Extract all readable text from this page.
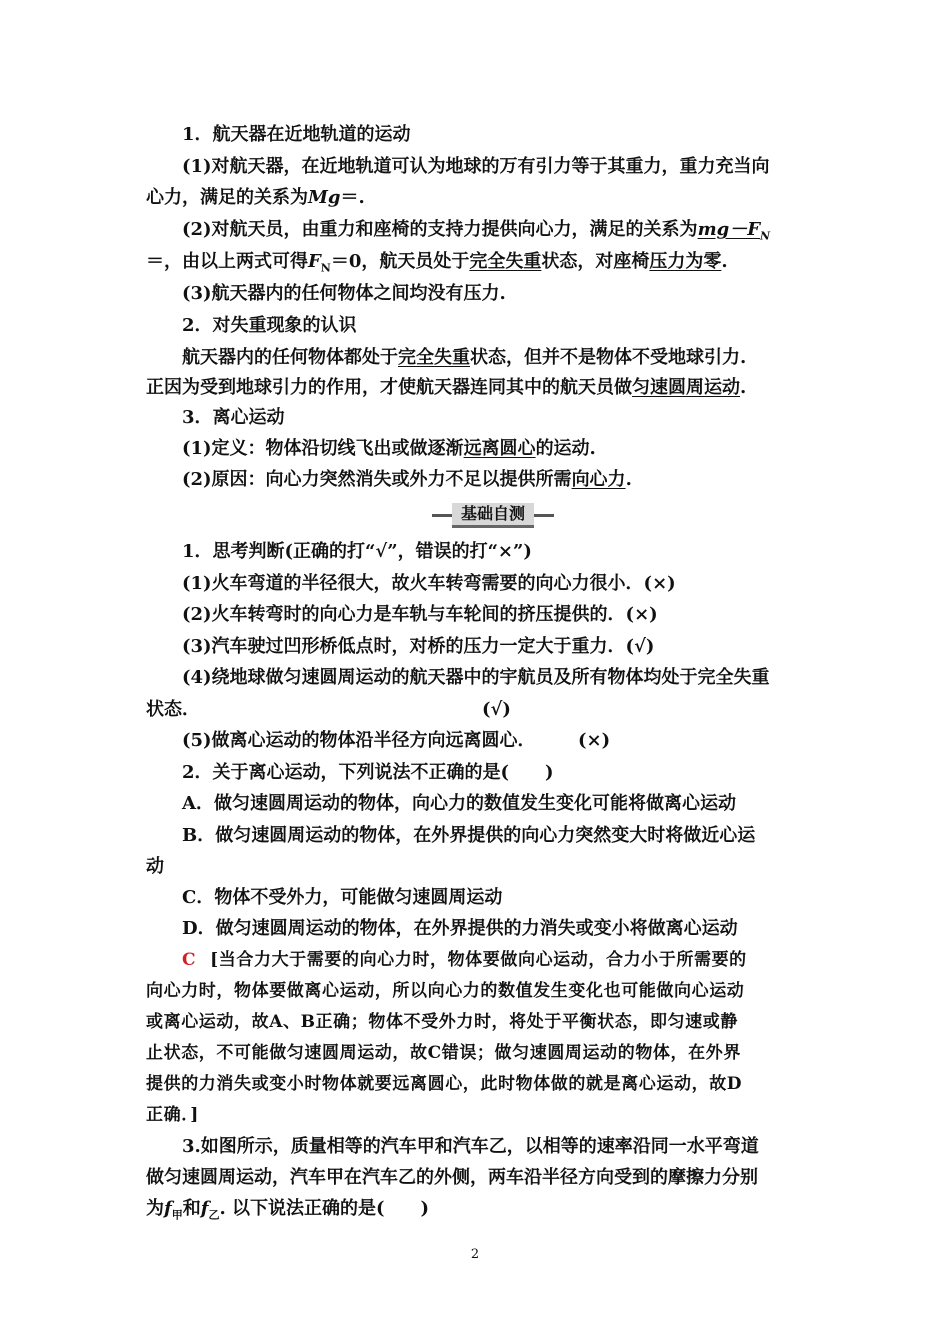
1．航天器在近地轨道的运动
(1)对航天器，在近地轨道可认为地球的万有引力等于其重力，重力充当向
心力，满足的关系为Mg＝.
(2)对航天员，由重力和座椅的支持力提供向心力，满足的关系为$mg-F_N$
＝，由以上两式可得$F_N=0$，航天员处于完全失重状态，对座椅压力为零.
(3)航天器内的任何物体之间均没有压力.
2．对失重现象的认识
航天器内的任何物体都处于完全失重状态，但并不是物体不受地球引力.
正因为受到地球引力的作用，才使航天器连同其中的航天员做匀速圆周运动.
3．离心运动
(1)定义：物体沿切线飞出或做逐渐远离圆心的运动.
(2)原因：向心力突然消失或外力不足以提供所需向心力.
基础自测
1．思考判断(正确的打“√”，错误的打“×”)
(1)火车弯道的半径很大，故火车转弯需要的向心力很小．(×)
(2)火车转弯时的向心力是车轨与车轮间的挤压提供的．(×)
(3)汽车驶过凹形桥低点时，对桥的压力一定大于重力．(√)
(4)绕地球做匀速圆周运动的航天器中的宇航员及所有物体均处于完全失重
状态．	(√)
(5)做离心运动的物体沿半径方向远离圆心． (×)
2．关于离心运动，下列说法不正确的是(　　)
A．做匀速圆周运动的物体，向心力的数值发生变化可能将做离心运动
B．做匀速圆周运动的物体，在外界提供的向心力突然变大时将做近心运
动
C．物体不受外力，可能做匀速圆周运动
D．做匀速圆周运动的物体，在外界提供的力消失或变小将做离心运动
C [当合力大于需要的向心力时，物体要做向心运动，合力小于所需要的
向心力时，物体要做离心运动，所以向心力的数值发生变化也可能做向心运动
或离心运动，故A、B正确；物体不受外力时，将处于平衡状态，即匀速或静
止状态，不可能做匀速圆周运动，故C错误；做匀速圆周运动的物体，在外界
提供的力消失或变小时物体就要远离圆心，此时物体做的就是离心运动，故D
正确．]
3.如图所示，质量相等的汽车甲和汽车乙，以相等的速率沿同一水平弯道
做匀速圆周运动，汽车甲在汽车乙的外侧，两车沿半径方向受到的摩擦力分别
为$f_甲$和$f_乙$. 以下说法正确的是(　　)
2
